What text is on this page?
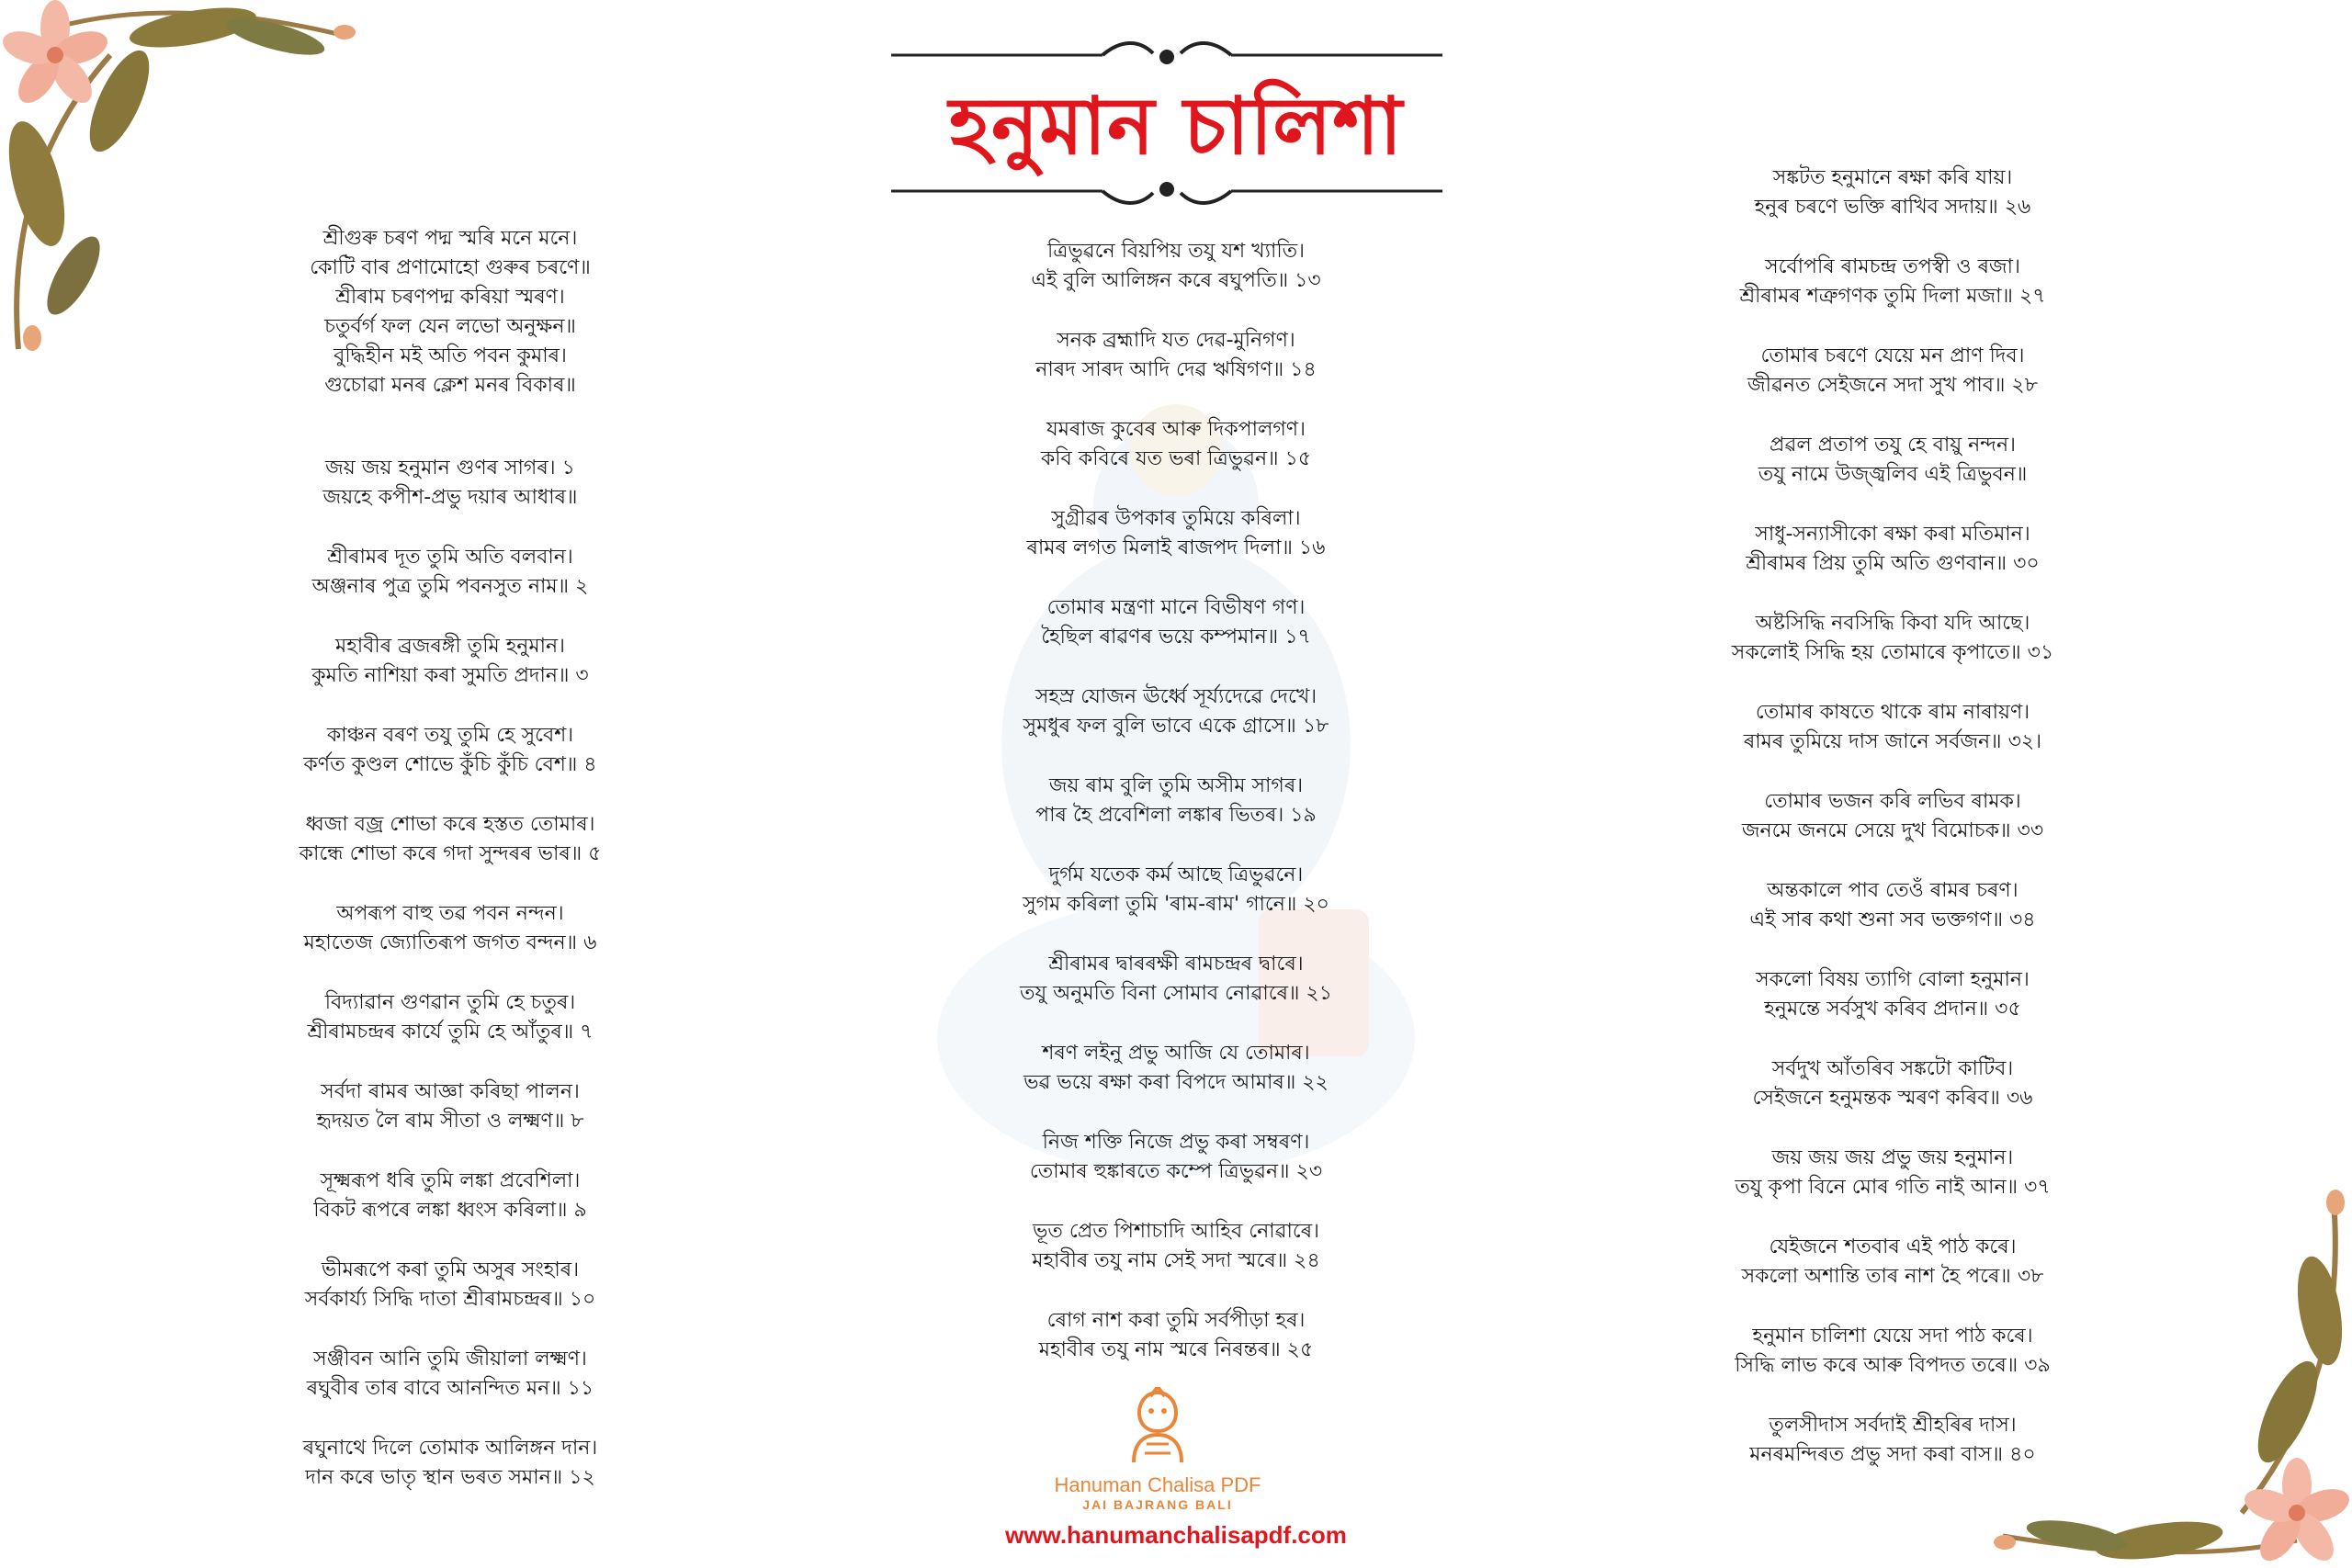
হনুমান চালিশা
শ্রীগুৰু চৰণ পদ্ম স্মৰি মনে মনে।
কোটি বাৰ প্ৰণামোহো গুৰুৰ চৰণে॥
শ্ৰীৰাম চৰণপদ্ম কৰিয়া স্মৰণ।
চতুৰ্বৰ্গ ফল যেন লভো অনুক্ষন॥
বুদ্ধিহীন মই অতি পবন কুমাৰ।
গুচোৱা মনৰ ক্লেশ মনৰ বিকাৰ॥
জয় জয় হনুমান গুণৰ সাগৰ। ১
জয়হে কপীশ-প্ৰভু দয়াৰ আধাৰ॥
শ্ৰীৰামৰ দূত তুমি অতি বলবান।
অঞ্জনাৰ পুত্ৰ তুমি পবনসুত নাম॥ ২
মহাবীৰ ব্ৰজৰঙ্গী তুমি হনুমান।
কুমতি নাশিয়া কৰা সুমতি প্ৰদান॥ ৩
কাঞ্চন বৰণ তযু তুমি হে সুবেশ।
কৰ্ণত কুণ্ডল শোভে কুঁচি কুঁচি বেশ॥ ৪
ধ্বজা বজ্ৰ শোভা কৰে হস্তত তোমাৰ।
কান্ধে শোভা কৰে গদা সুন্দৰৰ ভাৰ॥ ৫
অপৰূপ বাহু তৱ পবন নন্দন।
মহাতেজ জ্যোতিৰূপ জগত বন্দন॥ ৬
বিদ্যাৱান গুণৱান তুমি হে চতুৰ।
শ্ৰীৰামচন্দ্ৰৰ কাৰ্যে তুমি হে আঁতুৰ॥ ৭
সৰ্বদা ৰামৰ আজ্ঞা কৰিছা পালন।
হৃদয়ত লৈ ৰাম সীতা ও লক্ষ্মণ॥ ৮
সূক্ষ্মৰূপ ধৰি তুমি লঙ্কা প্ৰবেশিলা।
বিকট ৰূপৰে লঙ্কা ধ্বংস কৰিলা॥ ৯
ভীমৰূপে কৰা তুমি অসুৰ সংহাৰ।
সৰ্বকাৰ্য্য সিদ্ধি দাতা শ্ৰীৰামচন্দ্ৰৰ॥ ১০
সঞ্জীবন আনি তুমি জীয়ালা লক্ষ্মণ।
ৰঘুবীৰ তাৰ বাবে আনন্দিত মন॥ ১১
ৰঘুনাথে দিলে তোমাক আলিঙ্গন দান।
দান কৰে ভাতৃ স্থান ভৰত সমান॥ ১২
ত্ৰিভুৱনে বিয়পিয় তযু যশ খ্যাতি।
এই বুলি আলিঙ্গন কৰে ৰঘুপতি॥ ১৩
সনক ব্ৰহ্মাদি যত দেৱ-মুনিগণ।
নাৰদ সাৰদ আদি দেৱ ঋষিগণ॥ ১৪
যমৰাজ কুবেৰ আৰু দিকপালগণ।
কবি কবিৰে যত ভৰা ত্ৰিভুৱন॥ ১৫
সুগ্ৰীৱৰ উপকাৰ তুমিয়ে কৰিলা।
ৰামৰ লগত মিলাই ৰাজপদ দিলা॥ ১৬
তোমাৰ মন্ত্ৰণা মানে বিভীষণ গণ।
হৈছিল ৰাৱণৰ ভয়ে কম্পমান॥ ১৭
সহস্ৰ যোজন ঊৰ্ধ্বে সূৰ্য্যদেৱে দেখে।
সুমধুৰ ফল বুলি ভাবে একে গ্ৰাসে॥ ১৮
জয় ৰাম বুলি তুমি অসীম সাগৰ।
পাৰ হৈ প্ৰবেশিলা লঙ্কাৰ ভিতৰ। ১৯
দুৰ্গম যতেক কৰ্ম আছে ত্ৰিভুৱনে।
সুগম কৰিলা তুমি 'ৰাম-ৰাম' গানে॥ ২০
শ্ৰীৰামৰ দ্বাৰৰক্ষী ৰামচন্দ্ৰৰ দ্বাৰে।
তযু অনুমতি বিনা সোমাব নোৱাৰে॥ ২১
শৰণ লইনু প্ৰভু আজি যে তোমাৰ।
ভৱ ভয়ে ৰক্ষা কৰা বিপদে আমাৰ॥ ২২
নিজ শক্তি নিজে প্ৰভু কৰা সম্বৰণ।
তোমাৰ হুঙ্কাৰতে কম্পে ত্ৰিভুৱন॥ ২৩
ভূত প্ৰেত পিশাচাদি আহিব নোৱাৰে।
মহাবীৰ তযু নাম সেই সদা স্মৰে॥ ২৪
ৰোগ নাশ কৰা তুমি সৰ্বপীড়া হৰ।
মহাবীৰ তযু নাম স্মৰে নিৰন্তৰ॥ ২৫
সঙ্কটত হনুমানে ৰক্ষা কৰি যায়।
হনুৰ চৰণে ভক্তি ৰাখিব সদায়॥ ২৬
সৰ্বোপৰি ৰামচন্দ্ৰ তপস্বী ও ৰজা।
শ্ৰীৰামৰ শত্ৰুগণক তুমি দিলা মজা॥ ২৭
তোমাৰ চৰণে যেয়ে মন প্ৰাণ দিব।
জীৱনত সেইজনে সদা সুখ পাব॥ ২৮
প্ৰৱল প্ৰতাপ তযু হে বায়ু নন্দন।
তযু নামে উজ্জ্বলিব এই ত্ৰিভুবন॥
সাধু-সন্যাসীকো ৰক্ষা কৰা মতিমান।
শ্ৰীৰামৰ প্ৰিয় তুমি অতি গুণবান॥ ৩০
অষ্টসিদ্ধি নবসিদ্ধি কিবা যদি আছে।
সকলোই সিদ্ধি হয় তোমাৰে কৃপাতে॥ ৩১
তোমাৰ কাষতে থাকে ৰাম নাৰায়ণ।
ৰামৰ তুমিয়ে দাস জানে সৰ্বজন॥ ৩২।
তোমাৰ ভজন কৰি লভিব ৰামক।
জনমে জনমে সেয়ে দুখ বিমোচক॥ ৩৩
অন্তকালে পাব তেওঁ ৰামৰ চৰণ।
এই সাৰ কথা শুনা সব ভক্তগণ॥ ৩৪
সকলো বিষয় ত্যাগি বোলা হনুমান।
হনুমন্তে সৰ্বসুখ কৰিব প্ৰদান॥ ৩৫
সৰ্বদুখ আঁতৰিব সঙ্কটো কাটিব।
সেইজনে হনুমন্তক স্মৰণ কৰিব॥ ৩৬
জয় জয় জয় প্ৰভু জয় হনুমান।
তযু কৃপা বিনে মোৰ গতি নাই আন॥ ৩৭
যেইজনে শতবাৰ এই পাঠ কৰে।
সকলো অশান্তি তাৰ নাশ হৈ পৰে॥ ৩৮
হনুমান চালিশা যেয়ে সদা পাঠ কৰে।
সিদ্ধি লাভ কৰে আৰু বিপদত তৰে॥ ৩৯
তুলসীদাস সৰ্বদাই শ্ৰীহৰিৰ দাস।
মনৰমন্দিৰত প্ৰভু সদা কৰা বাস॥ ৪০
Hanuman Chalisa PDF
JAI BAJRANG BALI
www.hanumanchalisapdf.com
